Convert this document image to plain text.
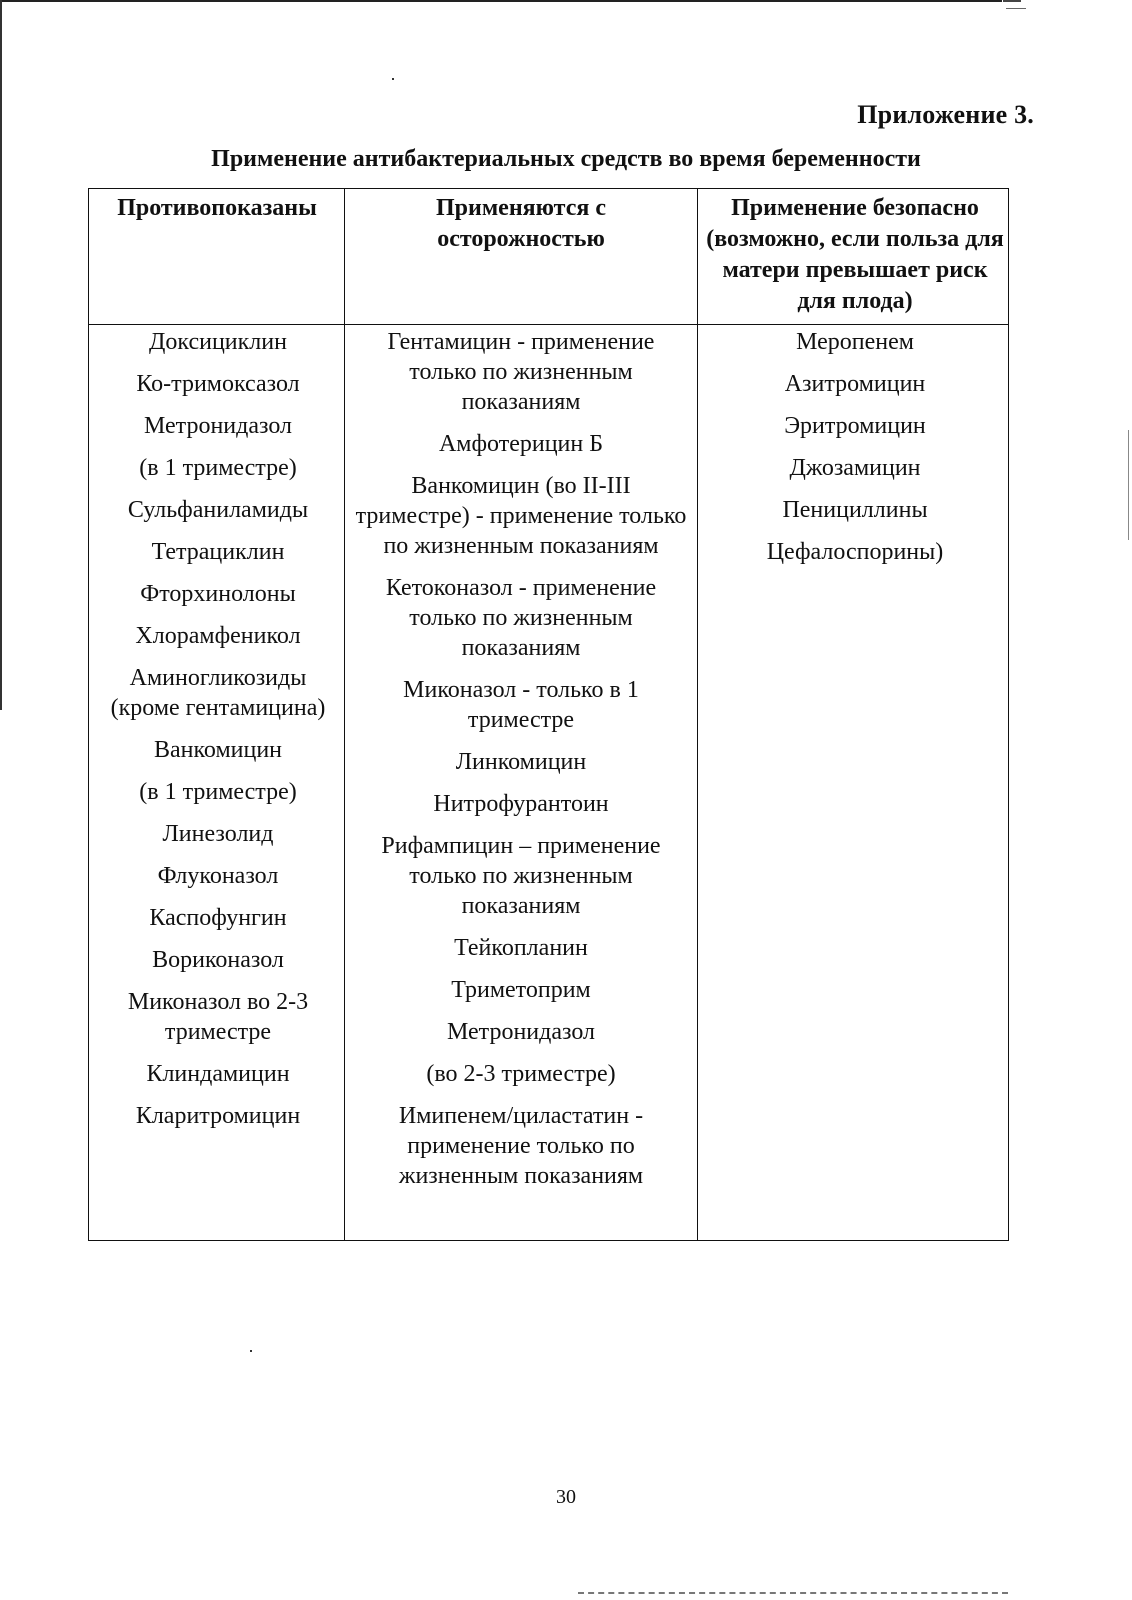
Приложение 3.
Применение антибактериальных средств во время беременности
Противопоказаны	Применяются с осторожностью
Применение безопасно (возможно, если польза для матери превышает риск для плода)
Доксициклин
Ко-тримоксазол
Метронидазол
(в 1 триместре)
Сульфаниламиды
Тетрациклин
Фторхинолоны
Хлорамфеникол
Аминогликозиды (кроме гентамицина)
Ванкомицин
(в 1 триместре)
Линезолид
Флуконазол
Каспофунгин
Вориконазол
Миконазол во 2-3 триместре
Клиндамицин
Кларитромицин
Гентамицин - применение только по жизненным показаниям
Амфотерицин Б
Ванкомицин (во II-III триместре) - применение только по жизненным показаниям
Кетоконазол - применение только по жизненным показаниям
Миконазол - только в 1 триместре
Линкомицин
Нитрофурантоин
Рифампицин – применение только по жизненным показаниям
Тейкопланин
Триметоприм
Метронидазол
(во 2-3 триместре)
Имипенем/циластатин - применение только по жизненным показаниям
Меропенем
Азитромицин
Эритромицин
Джозамицин
Пенициллины
Цефалоспорины)
30
